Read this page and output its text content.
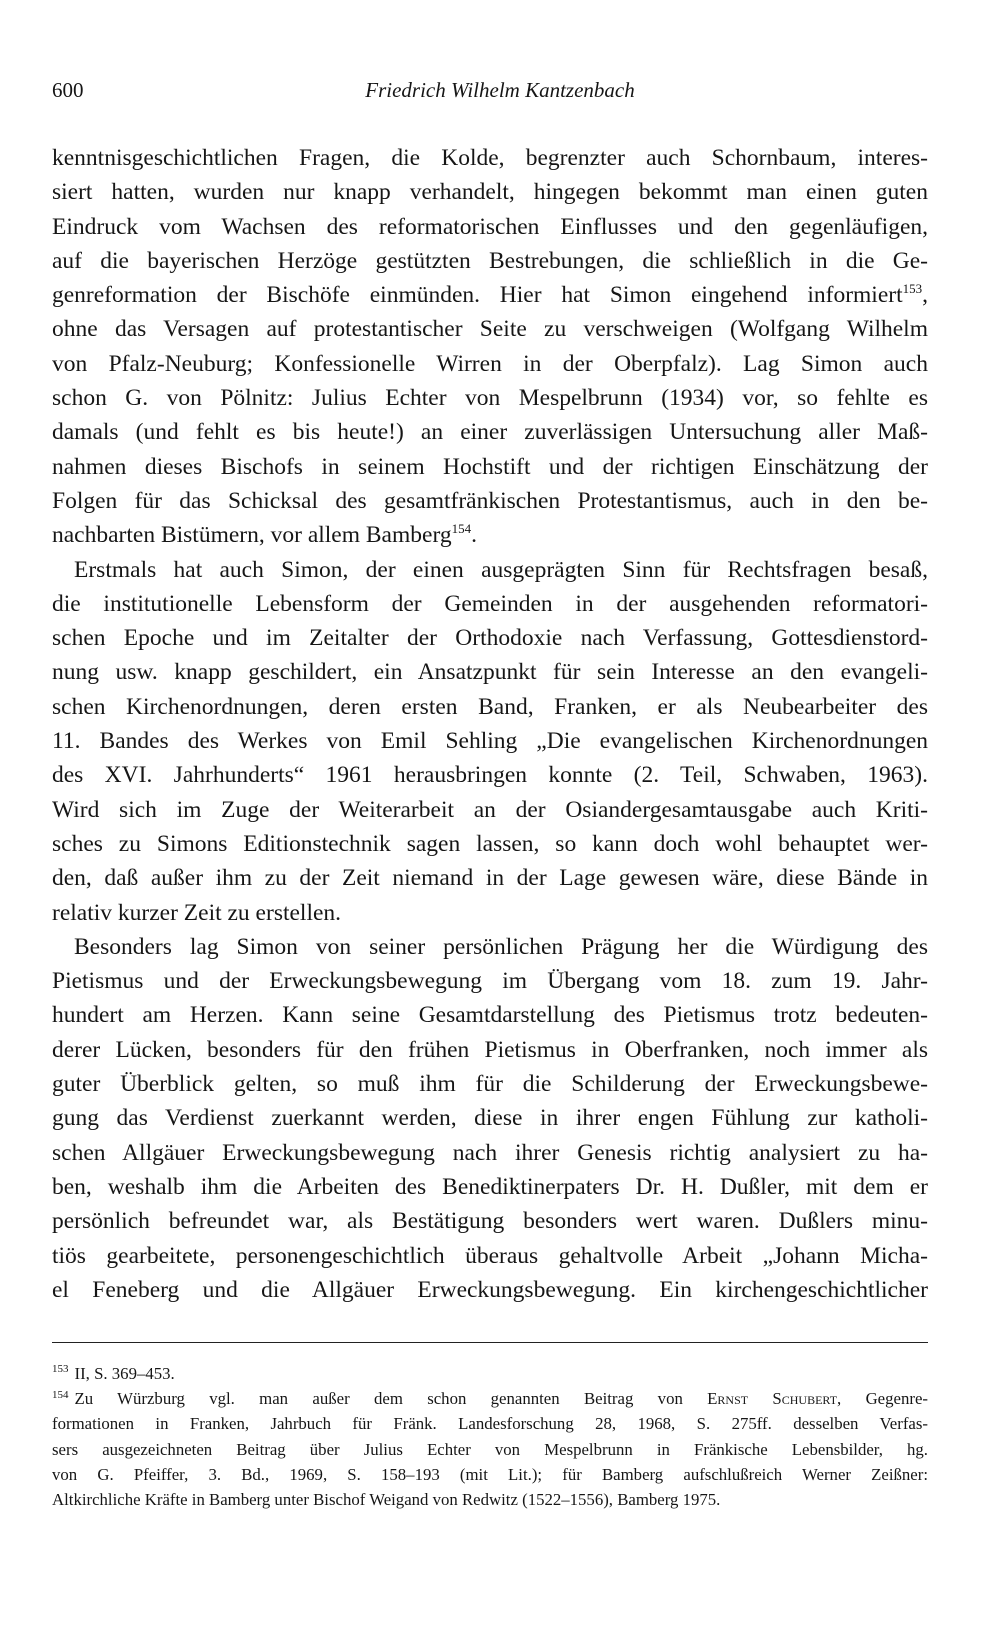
600	Friedrich Wilhelm Kantzenbach
kenntnisgeschichtlichen Fragen, die Kolde, begrenzter auch Schornbaum, interes-
siert hatten, wurden nur knapp verhandelt, hingegen bekommt man einen guten
Eindruck vom Wachsen des reformatorischen Einflusses und den gegenläufigen,
auf die bayerischen Herzöge gestützten Bestrebungen, die schließlich in die Ge-
genreformation der Bischöfe einmünden. Hier hat Simon eingehend informiert$^{153}$,
ohne das Versagen auf protestantischer Seite zu verschweigen (Wolfgang Wilhelm
von Pfalz-Neuburg; Konfessionelle Wirren in der Oberpfalz). Lag Simon auch
schon G. von Pölnitz: Julius Echter von Mespelbrunn (1934) vor, so fehlte es
damals (und fehlt es bis heute!) an einer zuverlässigen Untersuchung aller Maß-
nahmen dieses Bischofs in seinem Hochstift und der richtigen Einschätzung der
Folgen für das Schicksal des gesamtfränkischen Protestantismus, auch in den be-
nachbarten Bistümern, vor allem Bamberg$^{154}$.
Erstmals hat auch Simon, der einen ausgeprägten Sinn für Rechtsfragen besaß,
die institutionelle Lebensform der Gemeinden in der ausgehenden reformatori-
schen Epoche und im Zeitalter der Orthodoxie nach Verfassung, Gottesdienstord-
nung usw. knapp geschildert, ein Ansatzpunkt für sein Interesse an den evangeli-
schen Kirchenordnungen, deren ersten Band, Franken, er als Neubearbeiter des
11. Bandes des Werkes von Emil Sehling „Die evangelischen Kirchenordnungen
des XVI. Jahrhunderts“ 1961 herausbringen konnte (2. Teil, Schwaben, 1963).
Wird sich im Zuge der Weiterarbeit an der Osiandergesamtausgabe auch Kriti-
sches zu Simons Editionstechnik sagen lassen, so kann doch wohl behauptet wer-
den, daß außer ihm zu der Zeit niemand in der Lage gewesen wäre, diese Bände in
relativ kurzer Zeit zu erstellen.
Besonders lag Simon von seiner persönlichen Prägung her die Würdigung des
Pietismus und der Erweckungsbewegung im Übergang vom 18. zum 19. Jahr-
hundert am Herzen. Kann seine Gesamtdarstellung des Pietismus trotz bedeuten-
derer Lücken, besonders für den frühen Pietismus in Oberfranken, noch immer als
guter Überblick gelten, so muß ihm für die Schilderung der Erweckungsbewe-
gung das Verdienst zuerkannt werden, diese in ihrer engen Fühlung zur katholi-
schen Allgäuer Erweckungsbewegung nach ihrer Genesis richtig analysiert zu ha-
ben, weshalb ihm die Arbeiten des Benediktinerpaters Dr. H. Dußler, mit dem er
persönlich befreundet war, als Bestätigung besonders wert waren. Dußlers minu-
tiös gearbeitete, personengeschichtlich überaus gehaltvolle Arbeit „Johann Micha-
el Feneberg und die Allgäuer Erweckungsbewegung. Ein kirchengeschichtlicher
$^{153}$ II, S. 369–453.
$^{154}$ Zu Würzburg vgl. man außer dem schon genannten Beitrag von Ernst Schubert, Gegenre-
formationen in Franken, Jahrbuch für Fränk. Landesforschung 28, 1968, S. 275ff. desselben Verfas-
sers ausgezeichneten Beitrag über Julius Echter von Mespelbrunn in Fränkische Lebensbilder, hg.
von G. Pfeiffer, 3. Bd., 1969, S. 158–193 (mit Lit.); für Bamberg aufschlußreich Werner Zeißner:
Altkirchliche Kräfte in Bamberg unter Bischof Weigand von Redwitz (1522–1556), Bamberg 1975.
